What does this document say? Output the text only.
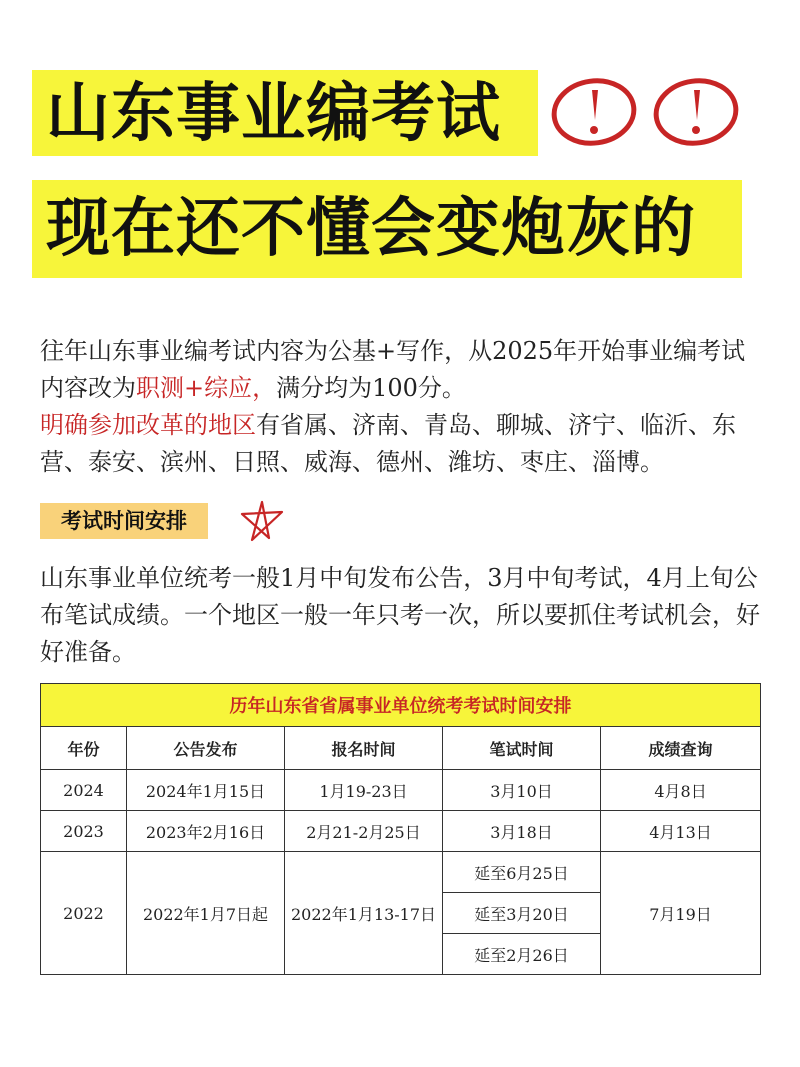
山东事业编考试
现在还不懂会变炮灰的
往年山东事业编考试内容为公基+写作，从2025年开始事业编考试内容改为职测+综应，满分均为100分。
明确参加改革的地区有省属、济南、青岛、聊城、济宁、临沂、东营、泰安、滨州、日照、威海、德州、潍坊、枣庄、淄博。
考试时间安排
山东事业单位统考一般1月中旬发布公告，3月中旬考试，4月上旬公布笔试成绩。一个地区一般一年只考一次，所以要抓住考试机会，好好准备。
历年山东省省属事业单位统考考试时间安排				
年份	公告发布	报名时间	笔试时间	成绩查询
2024	2024年1月15日	1月19-23日	3月10日	4月8日
2023	2023年2月16日	2月21-2月25日	3月18日	4月13日
2022	2022年1月7日起	2022年1月13-17日	延至6月25日	7月19日
			延至3月20日	
			延至2月26日	
